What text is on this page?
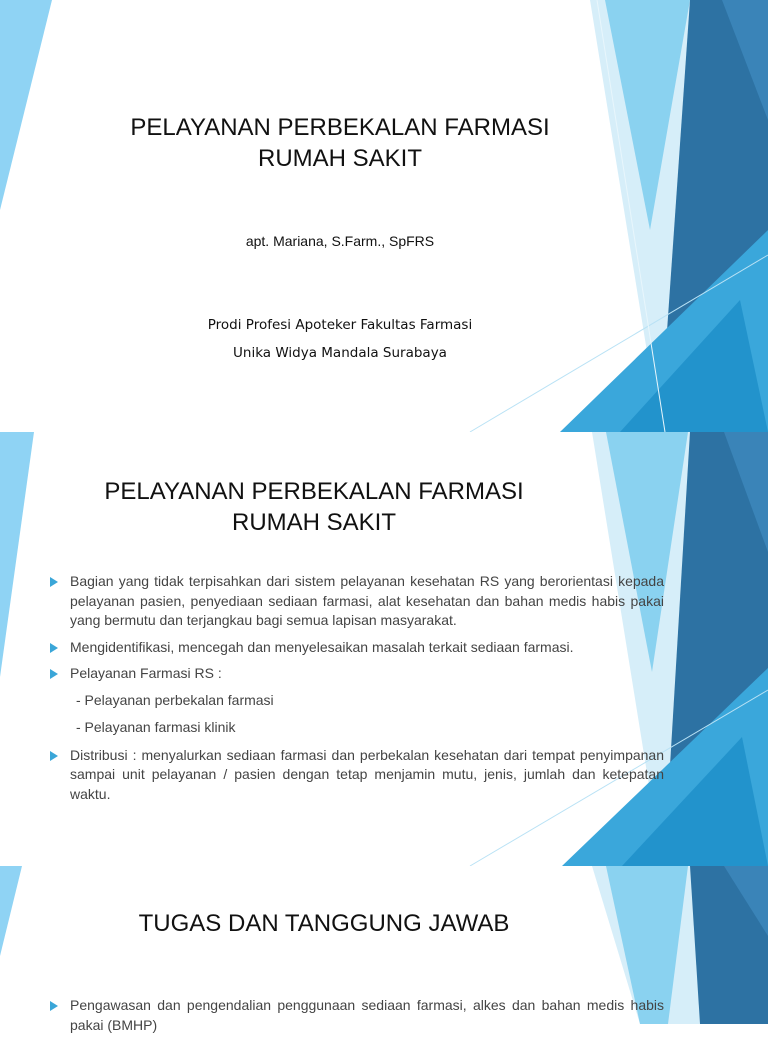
PELAYANAN PERBEKALAN FARMASI
RUMAH SAKIT
apt. Mariana, S.Farm., SpFRS
Prodi Profesi Apoteker Fakultas Farmasi
Unika Widya Mandala Surabaya
PELAYANAN PERBEKALAN FARMASI
RUMAH SAKIT
Bagian yang tidak terpisahkan dari sistem pelayanan kesehatan RS yang berorientasi kepada pelayanan pasien, penyediaan sediaan farmasi, alat kesehatan dan bahan medis habis pakai yang bermutu dan terjangkau bagi semua lapisan masyarakat.
Mengidentifikasi, mencegah dan menyelesaikan masalah terkait sediaan farmasi.
Pelayanan Farmasi RS :
- Pelayanan perbekalan farmasi
- Pelayanan farmasi klinik
Distribusi : menyalurkan sediaan farmasi dan perbekalan kesehatan dari tempat penyimpanan sampai unit pelayanan / pasien dengan tetap menjamin mutu, jenis, jumlah dan ketepatan waktu.
TUGAS DAN TANGGUNG JAWAB
Pengawasan dan pengendalian penggunaan sediaan farmasi, alkes dan bahan medis habis pakai (BMHP)
